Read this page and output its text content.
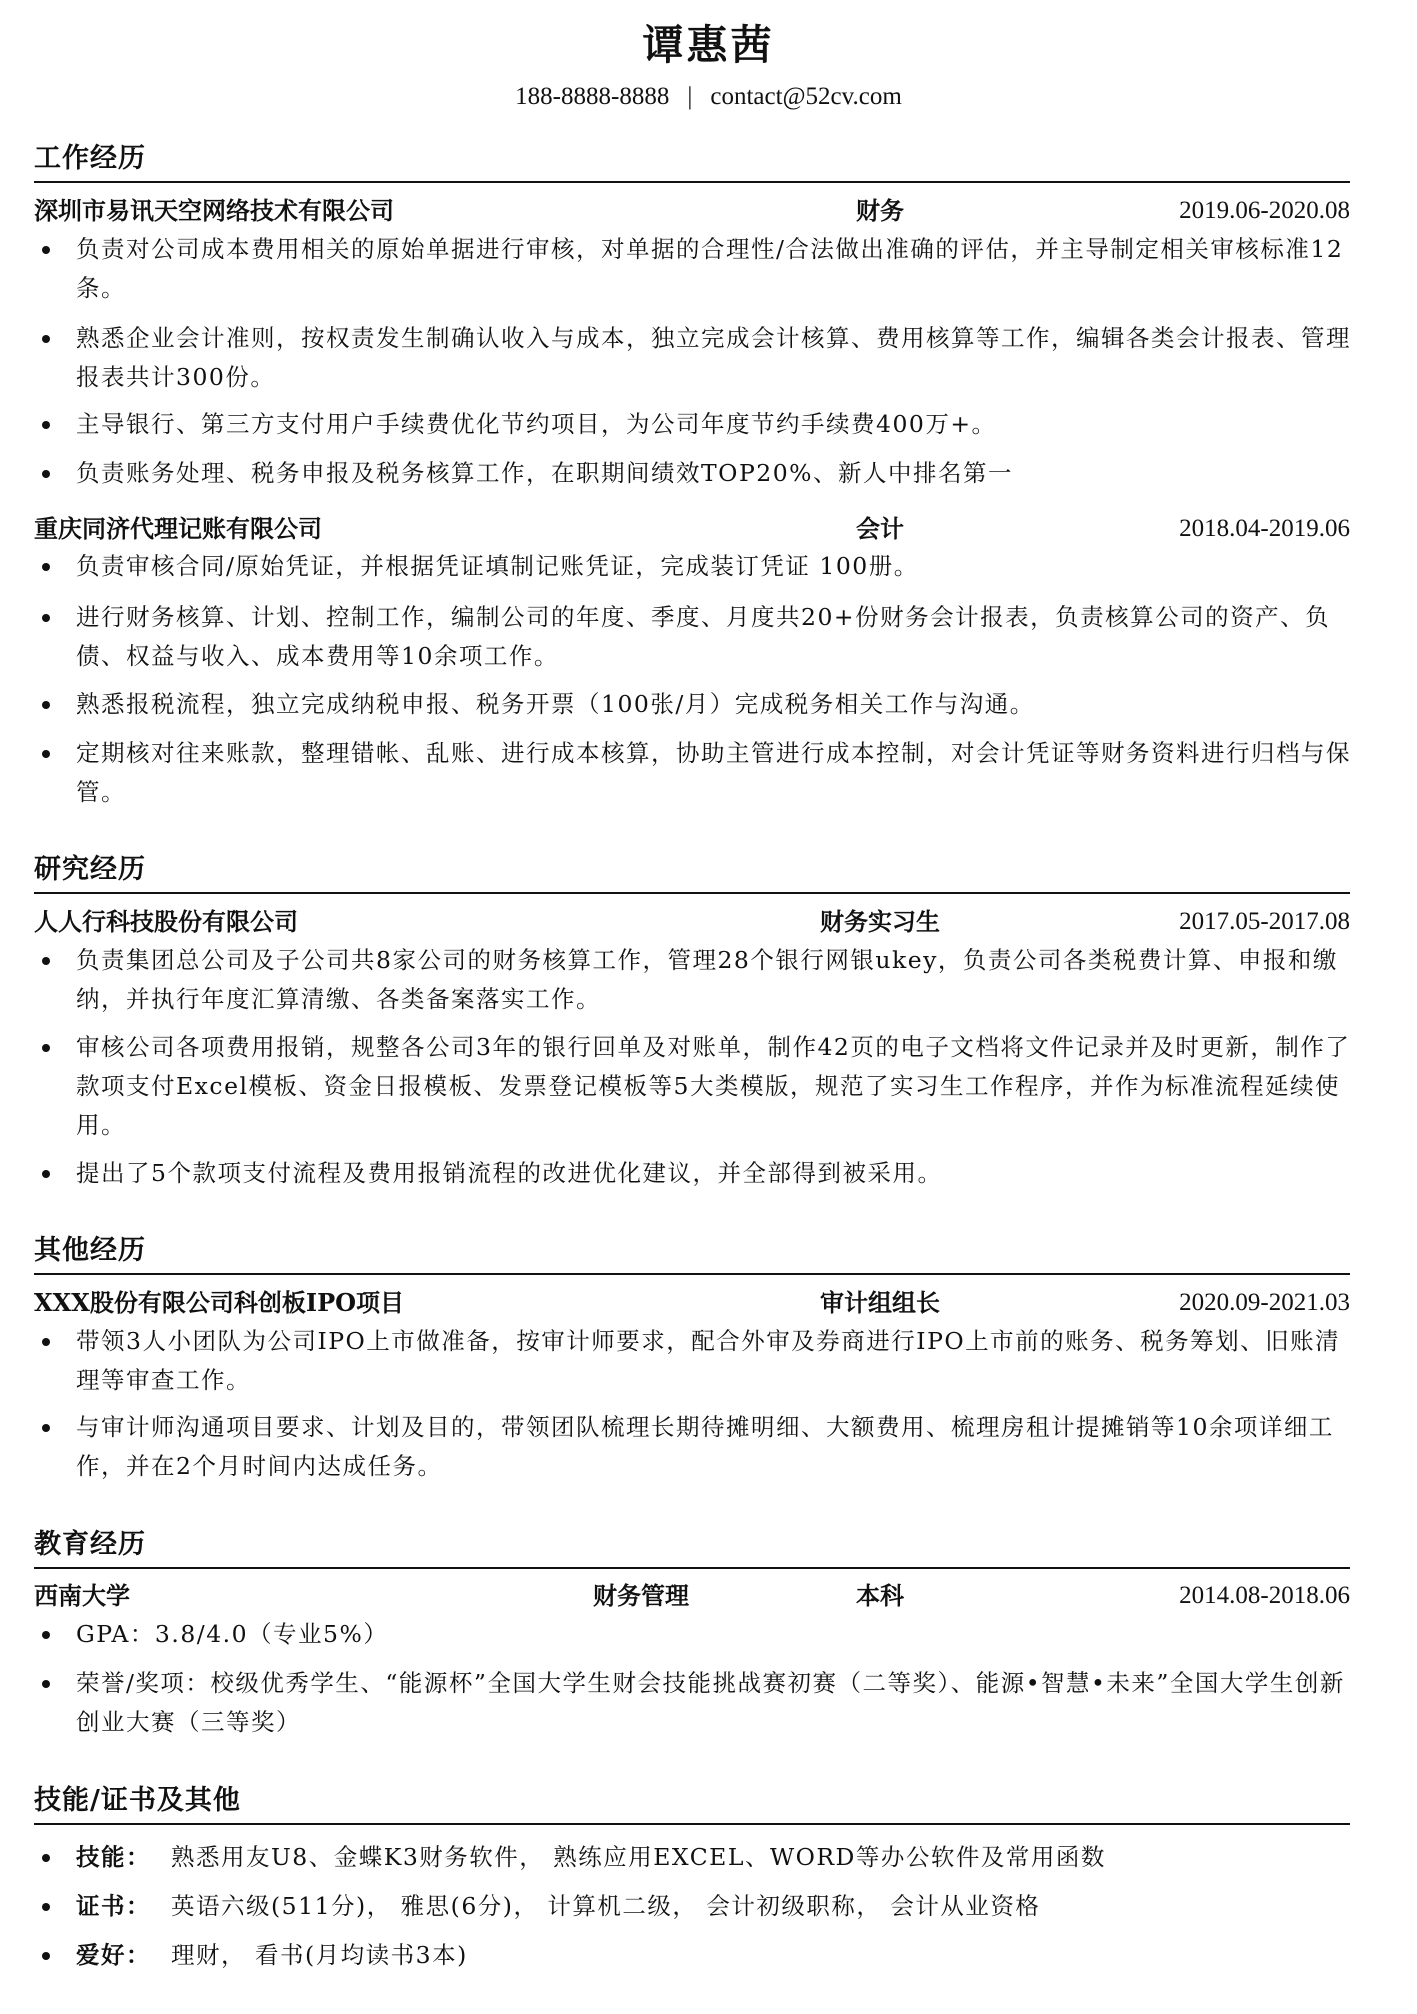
谭惠茜
188-8888-8888 | contact@52cv.com
工作经历
深圳市易讯天空网络技术有限公司	财务	2019.06-2020.08
负责对公司成本费用相关的原始单据进行审核，对单据的合理性/合法做出准确的评估，并主导制定相关审核标准12条。
熟悉企业会计准则，按权责发生制确认收入与成本，独立完成会计核算、费用核算等工作，编辑各类会计报表、管理报表共计300份。
主导银行、第三方支付用户手续费优化节约项目，为公司年度节约手续费400万+。
负责账务处理、税务申报及税务核算工作，在职期间绩效TOP20%、新人中排名第一
重庆同济代理记账有限公司	会计	2018.04-2019.06
负责审核合同/原始凭证，并根据凭证填制记账凭证，完成装订凭证 100册。
进行财务核算、计划、控制工作，编制公司的年度、季度、月度共20+份财务会计报表，负责核算公司的资产、负债、权益与收入、成本费用等10余项工作。
熟悉报税流程，独立完成纳税申报、税务开票（100张/月）完成税务相关工作与沟通。
定期核对往来账款，整理错帐、乱账、进行成本核算，协助主管进行成本控制，对会计凭证等财务资料进行归档与保管。
研究经历
人人行科技股份有限公司	财务实习生	2017.05-2017.08
负责集团总公司及子公司共8家公司的财务核算工作，管理28个银行网银ukey，负责公司各类税费计算、申报和缴纳，并执行年度汇算清缴、各类备案落实工作。
审核公司各项费用报销，规整各公司3年的银行回单及对账单，制作42页的电子文档将文件记录并及时更新，制作了款项支付Excel模板、资金日报模板、发票登记模板等5大类模版，规范了实习生工作程序，并作为标准流程延续使用。
提出了5个款项支付流程及费用报销流程的改进优化建议，并全部得到被采用。
其他经历
XXX股份有限公司科创板IPO项目	审计组组长	2020.09-2021.03
带领3人小团队为公司IPO上市做准备，按审计师要求，配合外审及券商进行IPO上市前的账务、税务筹划、旧账清理等审查工作。
与审计师沟通项目要求、计划及目的，带领团队梳理长期待摊明细、大额费用、梳理房租计提摊销等10余项详细工作，并在2个月时间内达成任务。
教育经历
西南大学	财务管理	本科	2014.08-2018.06
GPA：3.8/4.0（专业5%）
荣誉/奖项：校级优秀学生、“能源杯”全国大学生财会技能挑战赛初赛（二等奖）、能源•智慧•未来”全国大学生创新创业大赛（三等奖）
技能/证书及其他
技能： 熟悉用友U8、金蝶K3财务软件， 熟练应用EXCEL、WORD等办公软件及常用函数
证书： 英语六级(511分)， 雅思(6分)， 计算机二级， 会计初级职称， 会计从业资格
爱好： 理财， 看书(月均读书3本)
